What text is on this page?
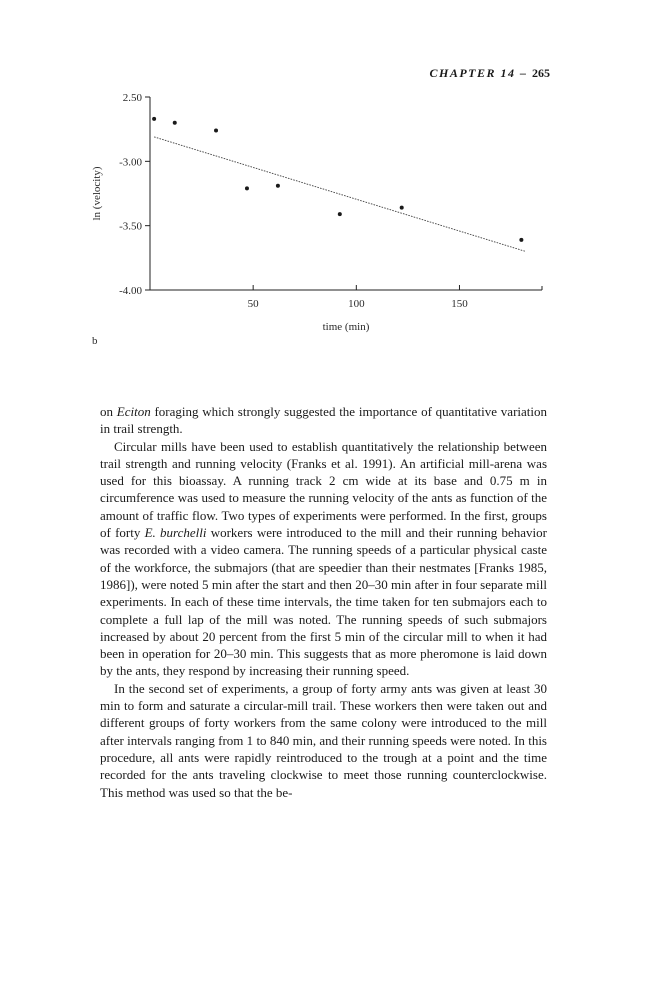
CHAPTER 14 – 265
2.50
-3.00
-3.50
-4.00
50	100	150
time (min)
ln (velocity)
b

on Eciton foraging which strongly suggested the importance of quantitative variation in trail strength.

Circular mills have been used to establish quantitatively the relationship between trail strength and running velocity (Franks et al. 1991). An artificial mill-arena was used for this bioassay. A running track 2 cm wide at its base and 0.75 m in circumference was used to measure the running velocity of the ants as function of the amount of traffic flow. Two types of experiments were performed. In the first, groups of forty E. burchelli workers were introduced to the mill and their running behavior was recorded with a video camera. The running speeds of a particular physical caste of the workforce, the submajors (that are speedier than their nestmates [Franks 1985, 1986]), were noted 5 min after the start and then 20–30 min after in four separate mill experiments. In each of these time intervals, the time taken for ten submajors each to complete a full lap of the mill was noted. The running speeds of such submajors increased by about 20 percent from the first 5 min of the circular mill to when it had been in operation for 20–30 min. This suggests that as more pheromone is laid down by the ants, they respond by increasing their running speed.

In the second set of experiments, a group of forty army ants was given at least 30 min to form and saturate a circular-mill trail. These workers then were taken out and different groups of forty workers from the same colony were introduced to the mill after intervals ranging from 1 to 840 min, and their running speeds were noted. In this procedure, all ants were rapidly reintroduced to the trough at a point and the time recorded for the ants traveling clockwise to meet those running counterclockwise. This method was used so that the be-
